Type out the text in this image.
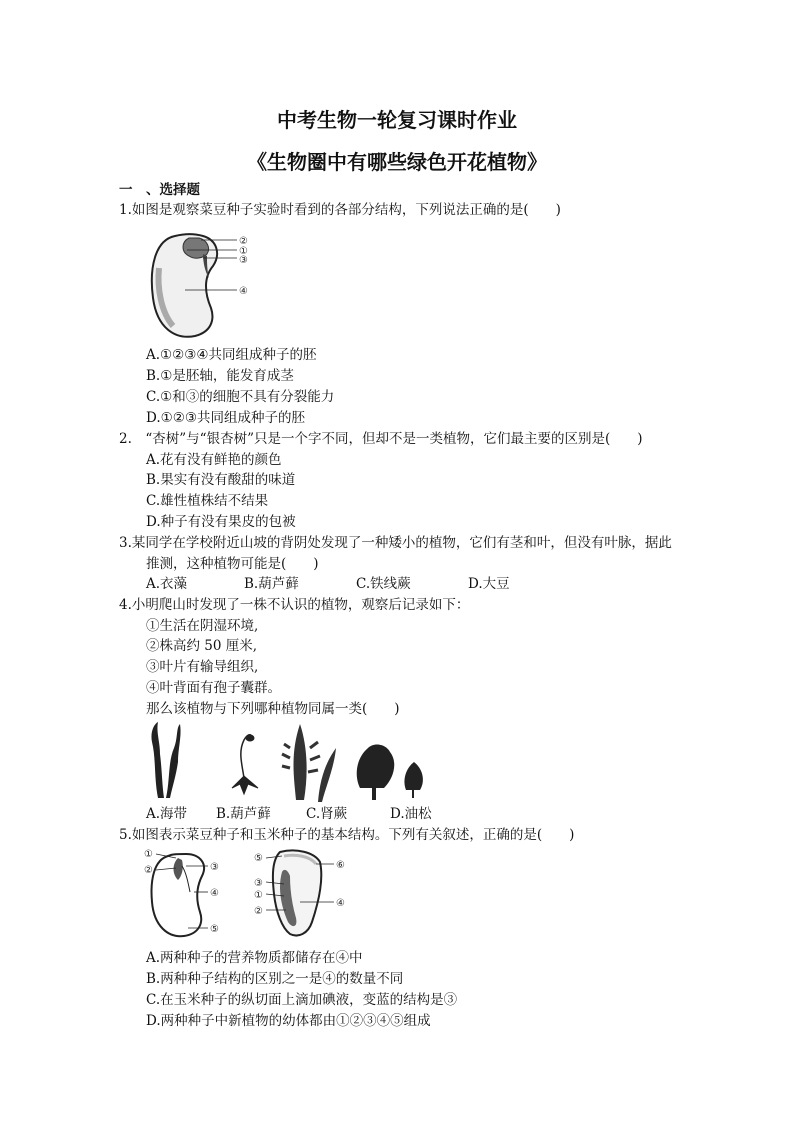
中考生物一轮复习课时作业
《生物圈中有哪些绿色开花植物》
一　、选择题
1.如图是观察菜豆种子实验时看到的各部分结构，下列说法正确的是(　　)
②
①
③
④
A.①②③④共同组成种子的胚
B.①是胚轴，能发育成茎
C.①和③的细胞不具有分裂能力
D.①②③共同组成种子的胚
2.　“杏树”与“银杏树”只是一个字不同，但却不是一类植物，它们最主要的区别是(　　)
A.花有没有鲜艳的颜色
B.果实有没有酸甜的味道
C.雄性植株结不结果
D.种子有没有果皮的包被
3.某同学在学校附近山坡的背阴处发现了一种矮小的植物，它们有茎和叶，但没有叶脉，据此
推测，这种植物可能是(　　)
A.衣藻	B.葫芦藓	C.铁线蕨	D.大豆
4.小明爬山时发现了一株不认识的植物，观察后记录如下：
①生活在阴湿环境,
②株高约 50 厘米,
③叶片有输导组织,
④叶背面有孢子囊群。
那么该植物与下列哪种植物同属一类(　　)
A.海带 B.葫芦藓	C.肾蕨	D.油松
5.如图表示菜豆种子和玉米种子的基本结构。下列有关叙述，正确的是(　　)
①
②	③
④
⑤
⑤
⑥
③
①
④
②
A.两种种子的营养物质都储存在④中
B.两种种子结构的区别之一是④的数量不同
C.在玉米种子的纵切面上滴加碘液，变蓝的结构是③
D.两种种子中新植物的幼体都由①②③④⑤组成
